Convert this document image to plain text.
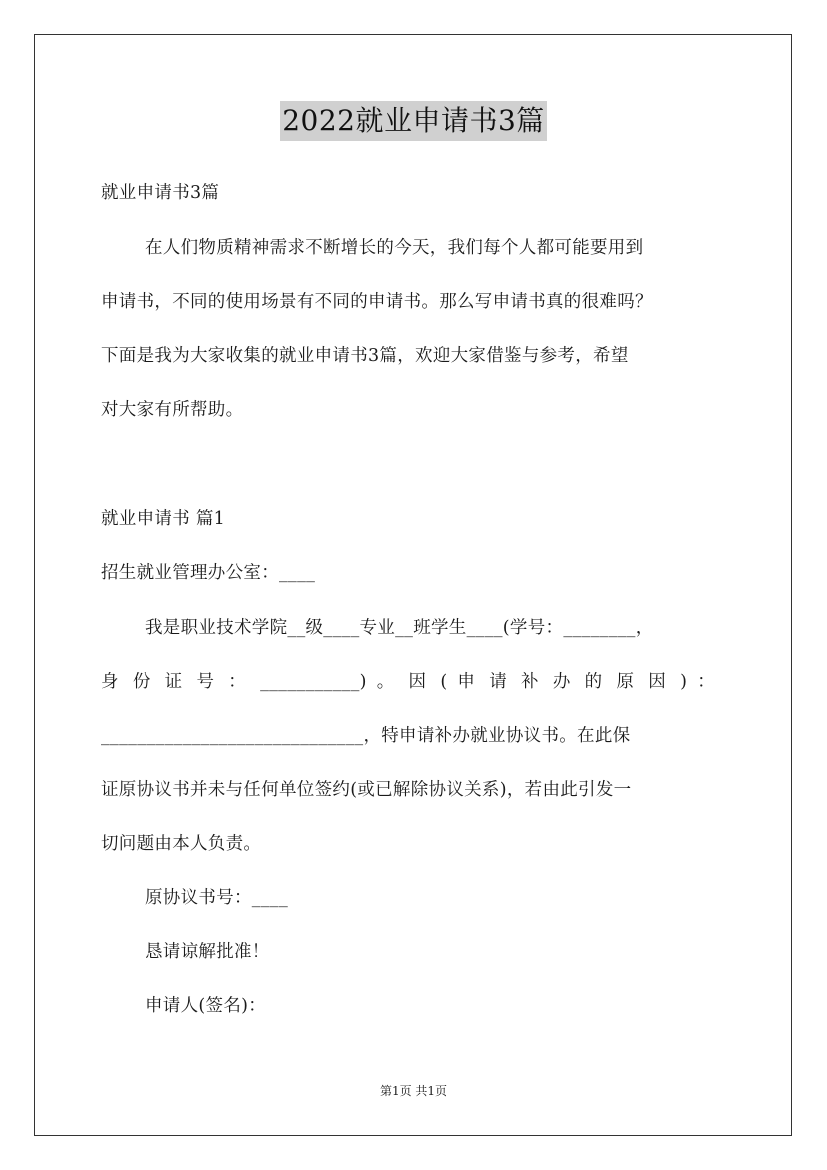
2022就业申请书3篇
就业申请书3篇
在人们物质精神需求不断增长的今天，我们每个人都可能要用到
申请书，不同的使用场景有不同的申请书。那么写申请书真的很难吗？
下面是我为大家收集的就业申请书3篇，欢迎大家借鉴与参考，希望
对大家有所帮助。
就业申请书 篇1
招生就业管理办公室：____
我是职业技术学院__级____专业__班学生____(学号：________，
身 份 证 号 ： ___________) 。 因 ( 申 请 补 办 的 原 因 ) ：
_____________________________，特申请补办就业协议书。在此保
证原协议书并未与任何单位签约(或已解除协议关系)，若由此引发一
切问题由本人负责。
原协议书号：____
恳请谅解批准！
申请人(签名)：
第1页 共1页
